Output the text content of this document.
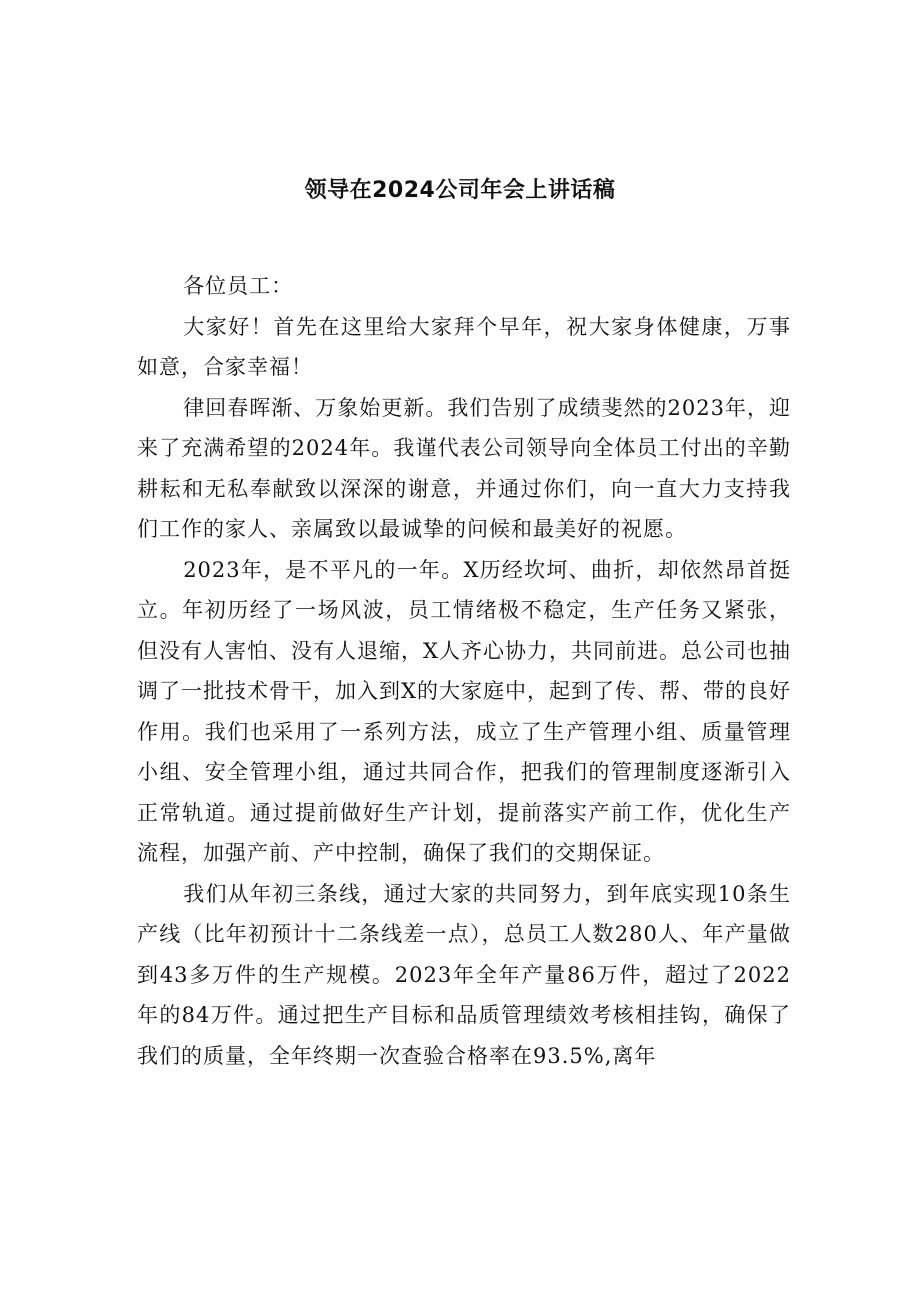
领导在2024公司年会上讲话稿

各位员工：

大家好！首先在这里给大家拜个早年，祝大家身体健康，万事如意，合家幸福！

律回春晖渐、万象始更新。我们告别了成绩斐然的2023年，迎来了充满希望的2024年。我谨代表公司领导向全体员工付出的辛勤耕耘和无私奉献致以深深的谢意，并通过你们，向一直大力支持我们工作的家人、亲属致以最诚挚的问候和最美好的祝愿。

2023年，是不平凡的一年。X历经坎坷、曲折，却依然昂首挺立。年初历经了一场风波，员工情绪极不稳定，生产任务又紧张，但没有人害怕、没有人退缩，X人齐心协力，共同前进。总公司也抽调了一批技术骨干，加入到X的大家庭中，起到了传、帮、带的良好作用。我们也采用了一系列方法，成立了生产管理小组、质量管理小组、安全管理小组，通过共同合作，把我们的管理制度逐渐引入正常轨道。通过提前做好生产计划，提前落实产前工作，优化生产流程，加强产前、产中控制，确保了我们的交期保证。

我们从年初三条线，通过大家的共同努力，到年底实现10条生产线（比年初预计十二条线差一点），总员工人数280人、年产量做到43多万件的生产规模。2023年全年产量86万件，超过了2022年的84万件。通过把生产目标和品质管理绩效考核相挂钩，确保了我们的质量，全年终期一次查验合格率在93.5%,离年
